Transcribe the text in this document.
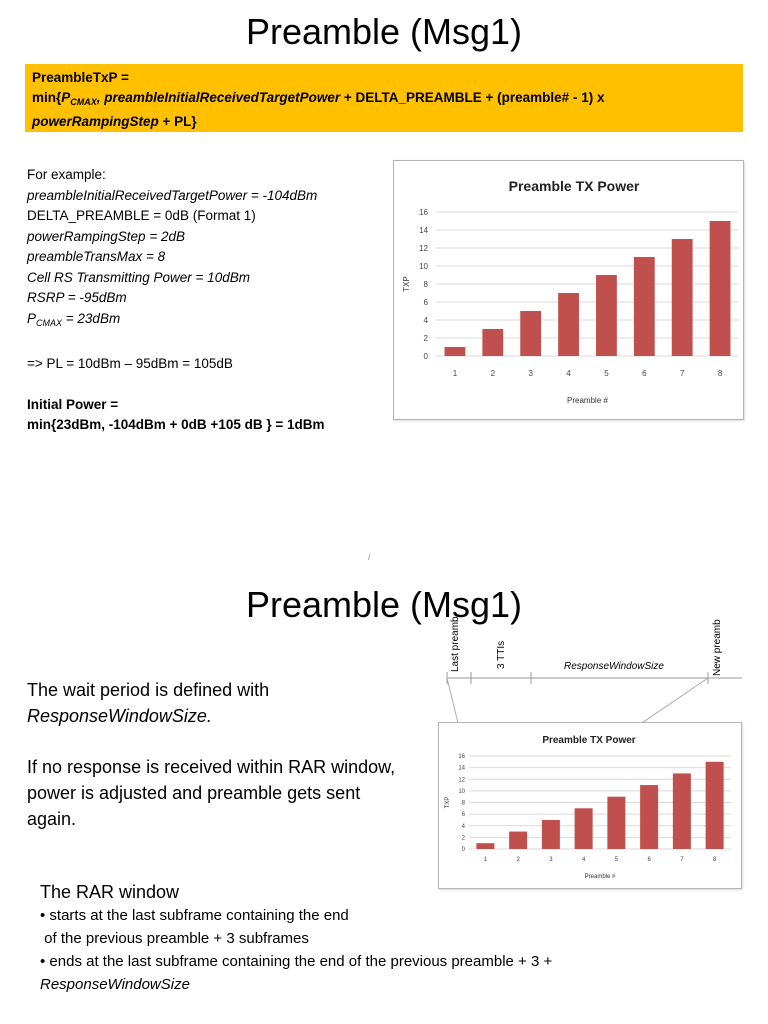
Preamble (Msg1)
PreambleTxP =
$\min\{P_{CMAX}$, preambleInitialReceivedTargetPower + DELTA_PREAMBLE + (preamble# - 1) x
powerRampingStep + PL}
For example:
preambleInitialReceivedTargetPower = -104dBm
DELTA_PREAMBLE = 0dB (Format 1)
powerRampingStep = 2dB
preambleTransMax = 8
Cell RS Transmitting Power = 10dBm
RSRP = -95dBm
$P_{CMAX} = 23dBm$
=> PL = 10dBm – 95dBm = 105dB
Initial Power =
min{23dBm, -104dBm + 0dB +105 dB } = 1dBm
Preamble TX Power
0
2
4
6
8
10
12
14
16
1	2	3	4	5	6	7	8
Preamble #
TXP
/
Preamble (Msg1)
Last preamb	3 TTIs	ResponseWindowSize	New preamb
The wait period is defined with
ResponseWindowSize.
If no response is received within RAR window,
power is adjusted and preamble gets sent
again.
Preamble TX Power
0
2
4
6
8
10
12
14
16
1	2	3	4	5	6	7	8
Preamble #
TXP
The RAR window
• starts at the last subframe containing the end
of the previous preamble + 3 subframes
• ends at the last subframe containing the end of the previous preamble + 3 +
ResponseWindowSize
